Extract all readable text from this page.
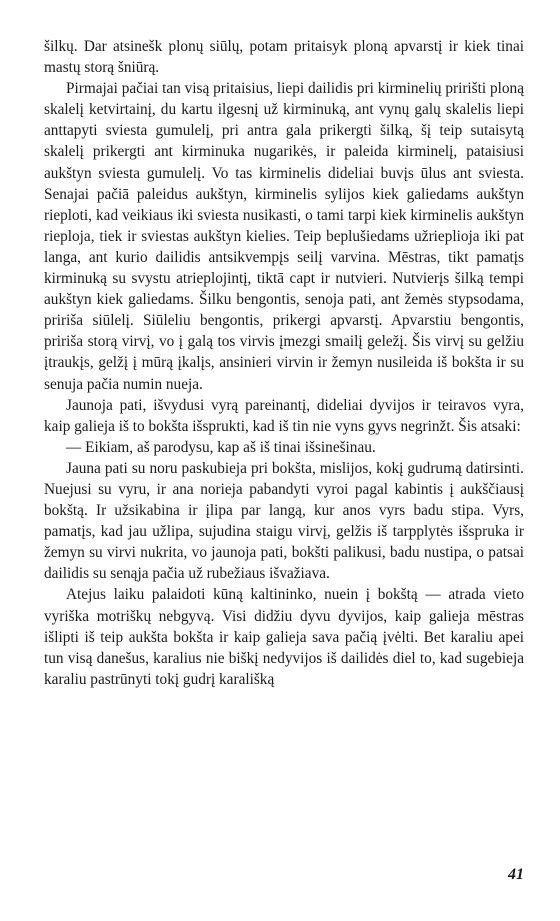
šilkų. Dar atsinešk plonų siūlų, potam pritaisyk ploną apvarstį ir kiek tinai mastų storą šniūrą.

Pirmajai pačiai tan visą pritaisius, liepi dailidis pri kirminelių pririšti ploną skalelį ketvirtainį, du kartu ilgesnį už kirminuką, ant vynų galų skalelis liepi anttapyti sviesta gumulelį, pri antra gala prikergti šilką, šį teip sutaisytą skalelį prikergti ant kirminuka nugarikės, ir paleida kirminelį, pataisiusi aukštyn sviesta gumulelį. Vo tas kirminelis dideliai buvįs ūlus ant sviesta. Senajai pačiā paleidus aukštyn, kirminelis sylijos kiek galiedams aukštyn rieploti, kad veikiaus iki sviesta nusikasti, o tami tarpi kiek kirminelis aukštyn rieploja, tiek ir sviestas aukštyn kielies. Teip beplušiedams užrieplioja iki pat langa, ant kurio dailidis antsikvempįs seilį varvina. Mēstras, tikt pamatįs kirminuką su svystu atrieplojintį, tiktā capt ir nutvieri. Nutvierįs šilką tempi aukštyn kiek galiedams. Šilku bengontis, senoja pati, ant žemės stypsodama, pririša siūlelį. Siūleliu bengontis, prikergi apvarstį. Apvarstiu bengontis, pririša storą virvį, vo į galą tos virvis įmezgi smailį geležį. Šis virvį su gelžiu įtraukįs, gelžį į mūrą įkalįs, ansinieri virvin ir žemyn nusileida iš bokšta ir su senuja pačia numin nueja.

Jaunoja pati, išvydusi vyrą pareinantį, dideliai dyvijos ir teiravos vyra, kaip galieja iš to bokšta išsprukti, kad iš tin nie vyns gyvs negrinžt. Šis atsaki:

— Eikiam, aš parodysu, kap aš iš tinai išsinešinau.

Jauna pati su noru paskubieja pri bokšta, mislijos, kokį gudrumą datirsinti. Nuejusi su vyru, ir ana norieja pabandyti vyroi pagal kabintis į aukščiausį bokštą. Ir užsikabina ir įlipa par langą, kur anos vyrs badu stipa. Vyrs, pamatįs, kad jau užlipa, sujudina staigu virvį, gelžis iš tarpplytės išspruka ir žemyn su virvi nukrita, vo jaunoja pati, bokšti palikusi, badu nustipa, o patsai dailidis su senąja pačia už rubežiaus išvažiava.

Atejus laiku palaidoti kūną kaltininko, nuein į bokštą — atrada vieto vyriška motriškų nebgyvą. Visi didžiu dyvu dyvijos, kaip galieja mēstras išlipti iš teip aukšta bokšta ir kaip galieja sava pačią įvėlti. Bet karaliu apei tun visą danešus, karalius nie biškį nedyvijos iš dailidės diel to, kad sugebieja karaliu pastrūnyti tokį gudrį karališką

41
